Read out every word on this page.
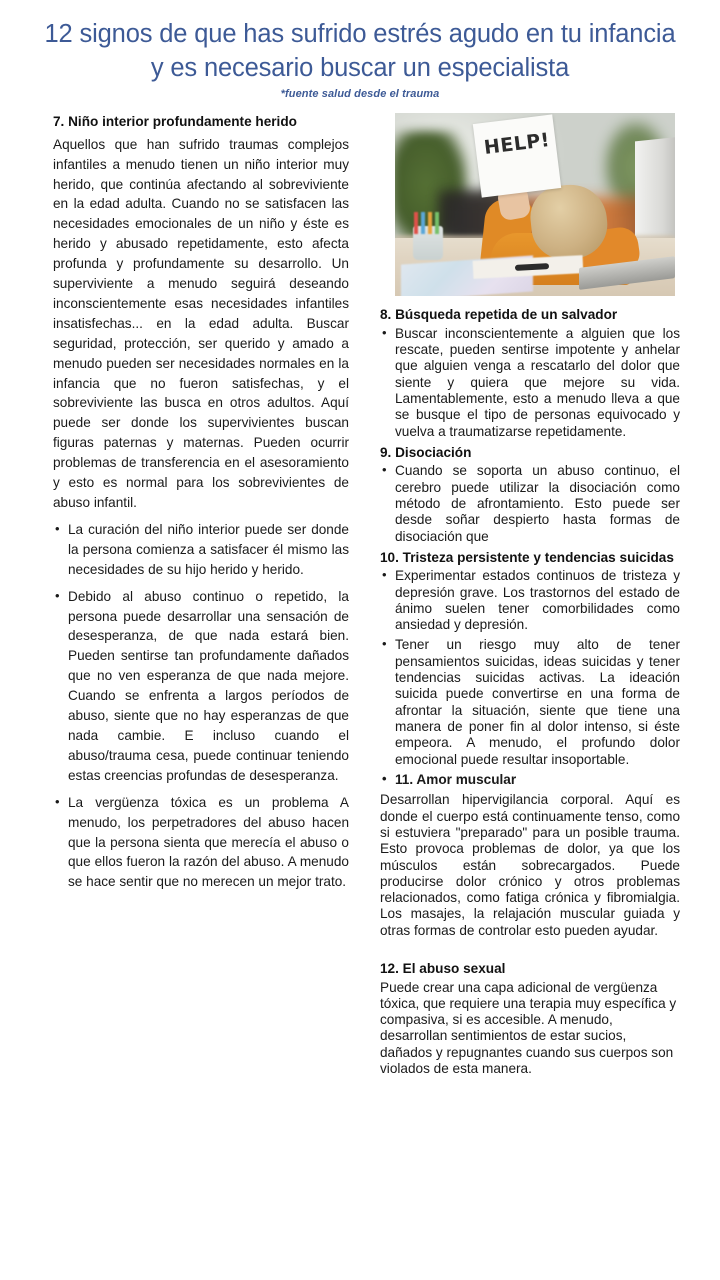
12 signos de que has sufrido estrés agudo en tu infancia y es necesario buscar un especialista

*fuente salud desde el trauma

7. Niño interior profundamente herido

Aquellos que han sufrido traumas complejos infantiles a menudo tienen un niño interior muy herido, que continúa afectando al sobreviviente en la edad adulta. Cuando no se satisfacen las necesidades emocionales de un niño y éste es herido y abusado repetidamente, esto afecta profunda y profundamente su desarrollo. Un superviviente a menudo seguirá deseando inconscientemente esas necesidades infantiles insatisfechas... en la edad adulta. Buscar seguridad, protección, ser querido y amado a menudo pueden ser necesidades normales en la infancia que no fueron satisfechas, y el sobreviviente las busca en otros adultos. Aquí puede ser donde los supervivientes buscan figuras paternas y maternas. Pueden ocurrir problemas de transferencia en el asesoramiento y esto es normal para los sobrevivientes de abuso infantil.

• La curación del niño interior puede ser donde la persona comienza a satisfacer él mismo las necesidades de su hijo herido y herido.
• Debido al abuso continuo o repetido, la persona puede desarrollar una sensación de desesperanza, de que nada estará bien. Pueden sentirse tan profundamente dañados que no ven esperanza de que nada mejore. Cuando se enfrenta a largos períodos de abuso, siente que no hay esperanzas de que nada cambie. E incluso cuando el abuso/trauma cesa, puede continuar teniendo estas creencias profundas de desesperanza.
• La vergüenza tóxica es un problema A menudo, los perpetradores del abuso hacen que la persona sienta que merecía el abuso o que ellos fueron la razón del abuso. A menudo se hace sentir que no merecen un mejor trato.
HELP!
8. Búsqueda repetida de un salvador
• Buscar inconscientemente a alguien que los rescate, pueden sentirse impotente y anhelar que alguien venga a rescatarlo del dolor que siente y quiera que mejore su vida. Lamentablemente, esto a menudo lleva a que se busque el tipo de personas equivocado y vuelva a traumatizarse repetidamente.
9. Disociación
• Cuando se soporta un abuso continuo, el cerebro puede utilizar la disociación como método de afrontamiento. Esto puede ser desde soñar despierto hasta formas de disociación que
10. Tristeza persistente y tendencias suicidas
• Experimentar estados continuos de tristeza y depresión grave. Los trastornos del estado de ánimo suelen tener comorbilidades como ansiedad y depresión.
• Tener un riesgo muy alto de tener pensamientos suicidas, ideas suicidas y tener tendencias suicidas activas. La ideación suicida puede convertirse en una forma de afrontar la situación, siente que tiene una manera de poner fin al dolor intenso, si éste empeora. A menudo, el profundo dolor emocional puede resultar insoportable.
• 11. Amor muscular

Desarrollan hipervigilancia corporal. Aquí es donde el cuerpo está continuamente tenso, como si estuviera "preparado" para un posible trauma. Esto provoca problemas de dolor, ya que los músculos están sobrecargados. Puede producirse dolor crónico y otros problemas relacionados, como fatiga crónica y fibromialgia. Los masajes, la relajación muscular guiada y otras formas de controlar esto pueden ayudar.

12. El abuso sexual

Puede crear una capa adicional de vergüenza tóxica, que requiere una terapia muy específica y compasiva, si es accesible. A menudo, desarrollan sentimientos de estar sucios, dañados y repugnantes cuando sus cuerpos son violados de esta manera.
